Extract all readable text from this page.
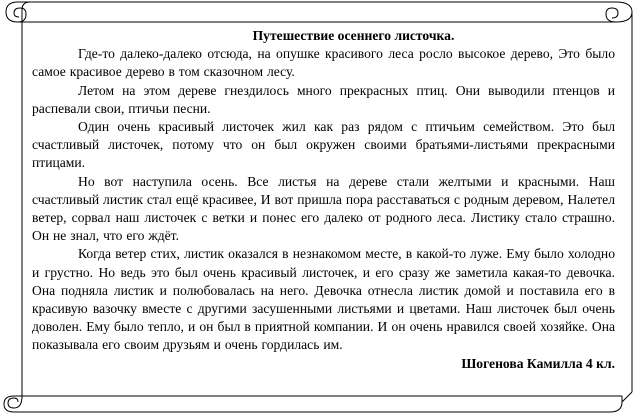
Путешествие осеннего листочка.

Где-то далеко-далеко отсюда, на опушке красивого леса росло высокое дерево, Это было самое красивое дерево в том сказочном лесу.

Летом на этом дереве гнездилось много прекрасных птиц. Они выводили птенцов и распевали свои, птичьи песни.

Один очень красивый листочек жил как раз рядом с птичьим семейством. Это был счастливый листочек, потому что он был окружен своими братьями-листьями прекрасными птицами.

Но вот наступила осень. Все листья на дереве стали желтыми и красными. Наш счастливый листик стал ещё красивее, И вот пришла пора расставаться с родным деревом, Налетел ветер, сорвал наш листочек с ветки и понес его далеко от родного леса. Листику стало страшно. Он не знал, что его ждёт.

Когда ветер стих, листик оказался в незнакомом месте, в какой-то луже. Ему было холодно и грустно. Но ведь это был очень красивый листочек, и его сразу же заметила какая-то девочка. Она подняла листик и полюбовалась на него. Девочка отнесла листик домой и поставила его в красивую вазочку вместе с другими засушенными листьями и цветами. Наш листочек был очень доволен. Ему было тепло, и он был в приятной компании. И он очень нравился своей хозяйке. Она показывала его своим друзьям и очень гордилась им.

Шогенова Камилла 4 кл.
